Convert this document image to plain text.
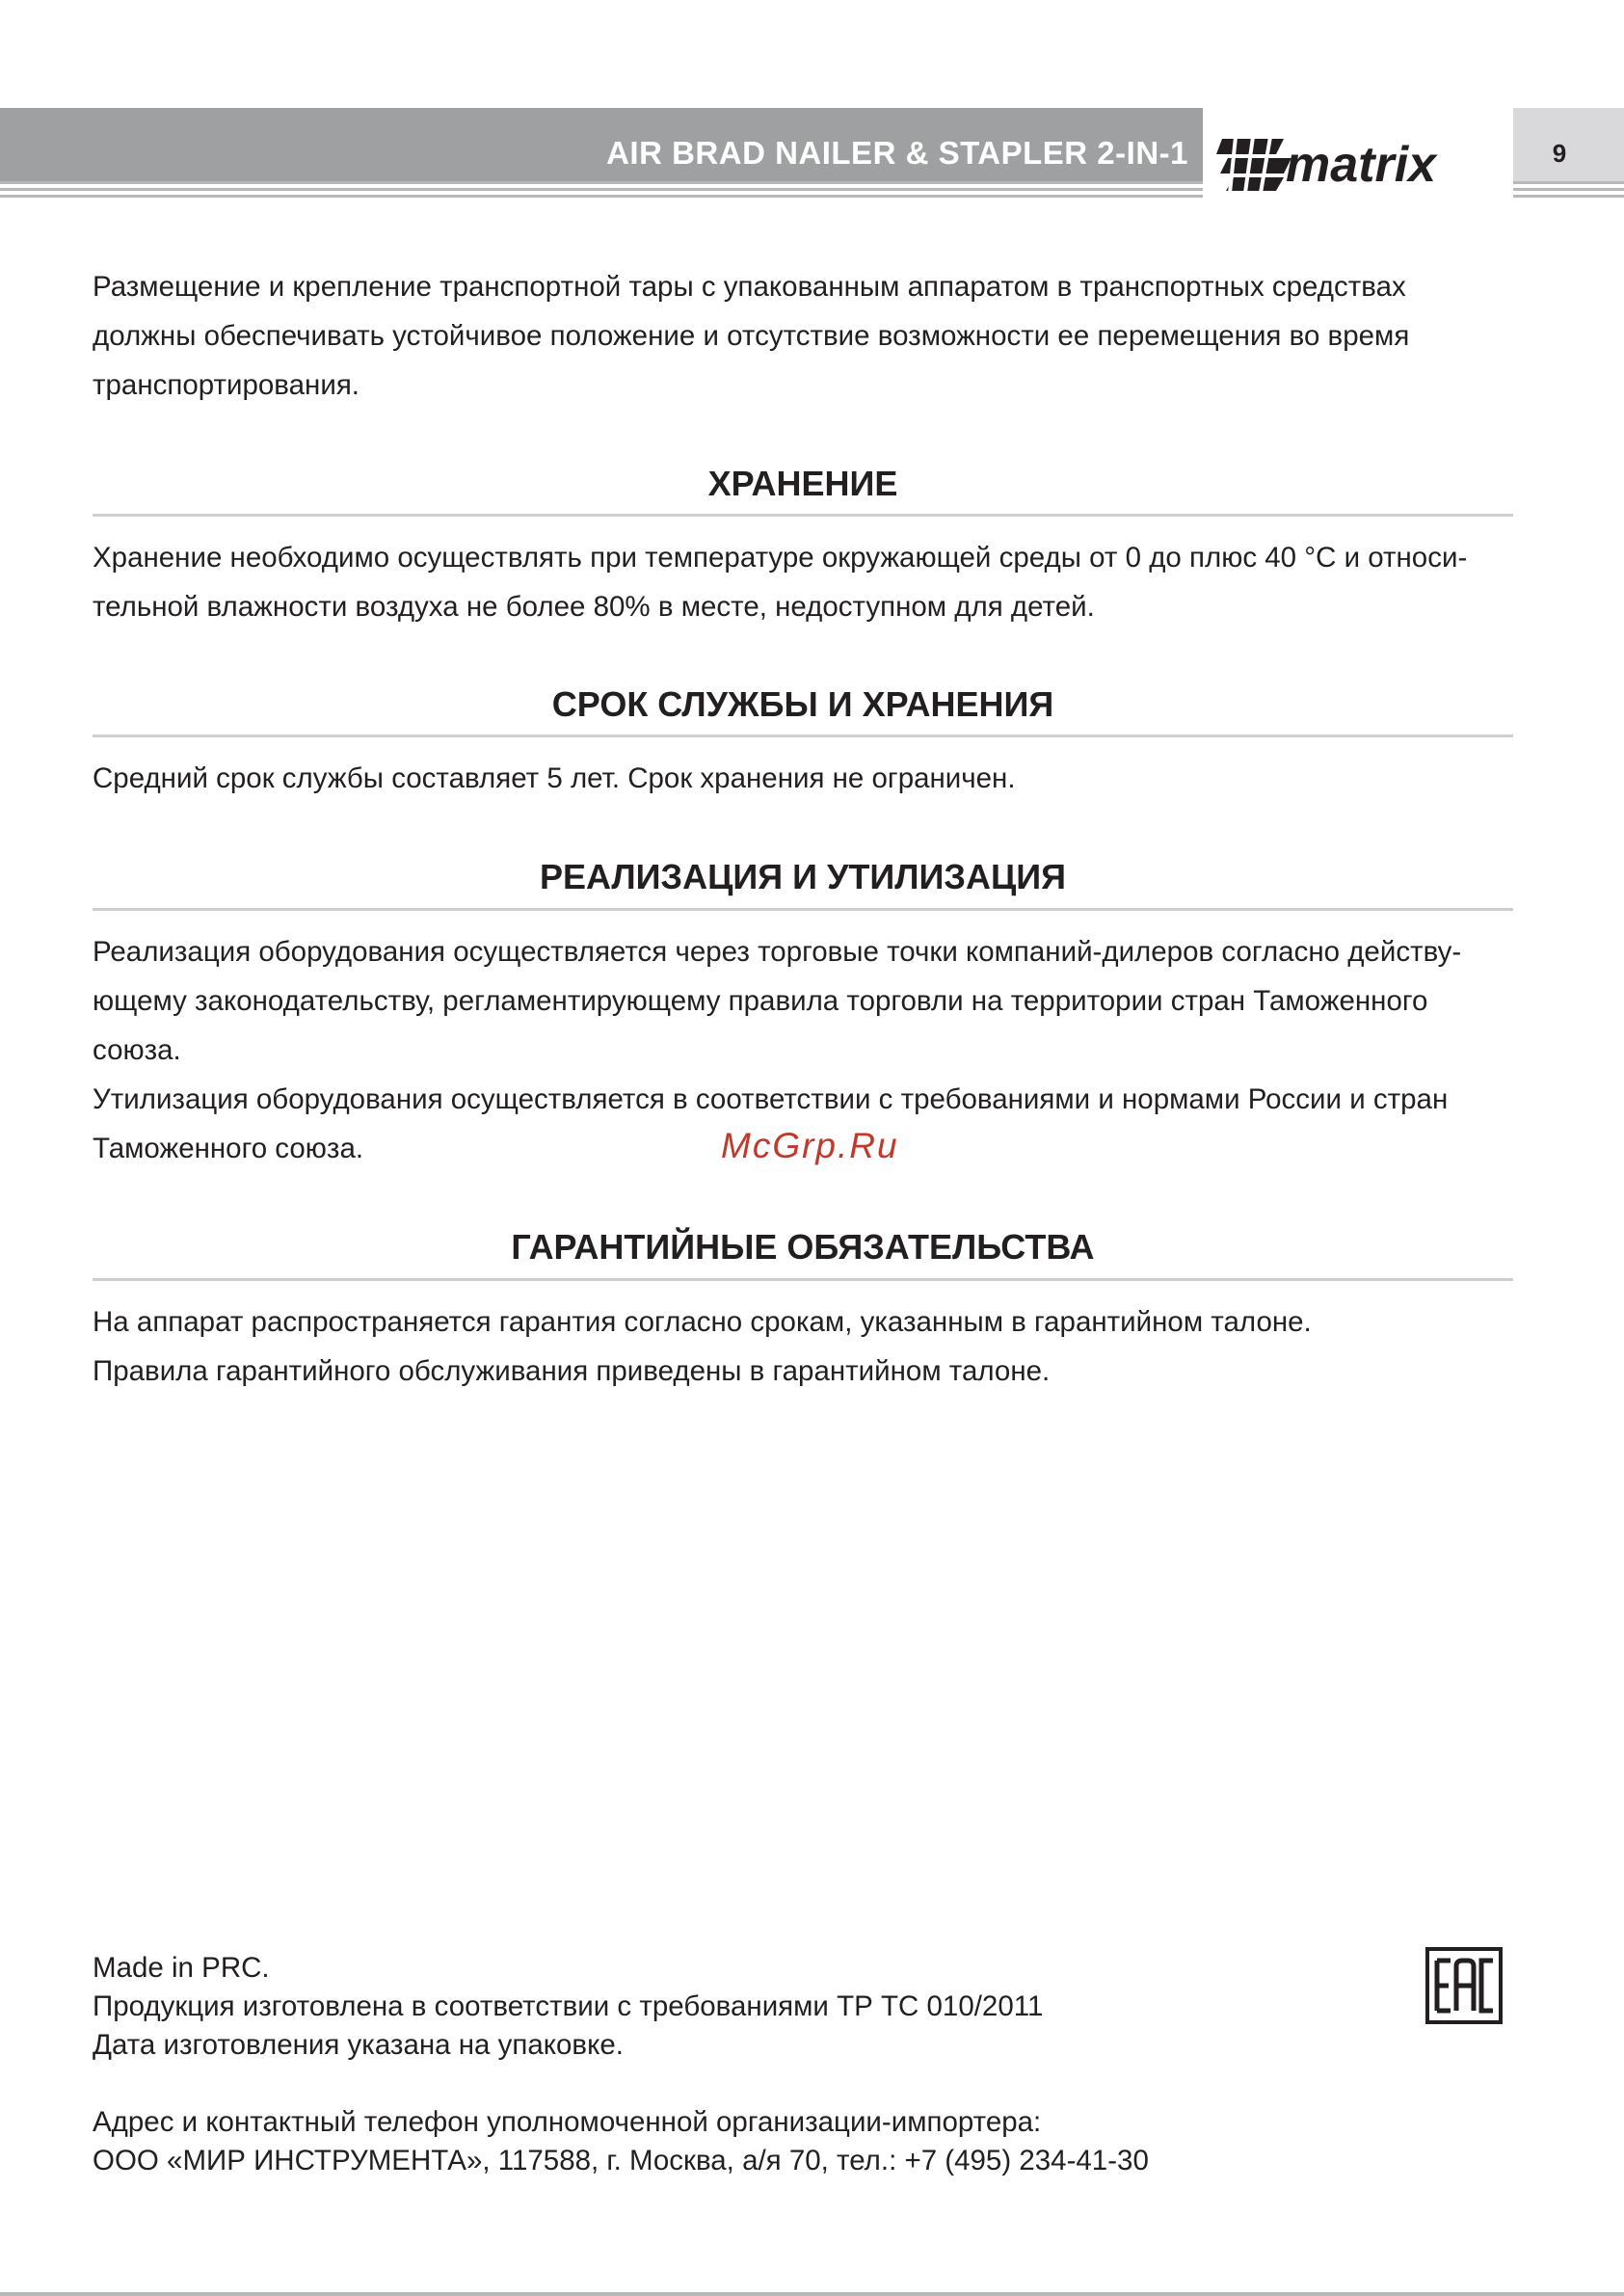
AIR BRAD NAILER & STAPLER 2-IN-1 matrix	9
Размещение и крепление транспортной тары с упакованным аппаратом в транспортных средствах
должны обеспечивать устойчивое положение и отсутствие возможности ее перемещения во время
транспортирования.
ХРАНЕНИЕ
Хранение необходимо осуществлять при температуре окружающей среды от 0 до плюс 40 °С и относи-
тельной влажности воздуха не более 80% в месте, недоступном для детей.
СРОК СЛУЖБЫ И ХРАНЕНИЯ
Средний срок службы составляет 5 лет. Срок хранения не ограничен.
РЕАЛИЗАЦИЯ И УТИЛИЗАЦИЯ
Реализация оборудования осуществляется через торговые точки компаний-дилеров согласно действу-
ющему законодательству, регламентирующему правила торговли на территории стран Таможенного
союза.
Утилизация оборудования осуществляется в соответствии с требованиями и нормами России и стран
Таможенного союза.	McGrp.Ru
ГАРАНТИЙНЫЕ ОБЯЗАТЕЛЬСТВА
На аппарат распространяется гарантия согласно срокам, указанным в гарантийном талоне.
Правила гарантийного обслуживания приведены в гарантийном талоне.
Made in PRC.
Продукция изготовлена в соответствии с требованиями ТР ТС 010/2011
Дата изготовления указана на упаковке.
Адрес и контактный телефон уполномоченной организации-импортера:
ООО «МИР ИНСТРУМЕНТА», 117588, г. Москва, а/я 70, тел.: +7 (495) 234-41-30
